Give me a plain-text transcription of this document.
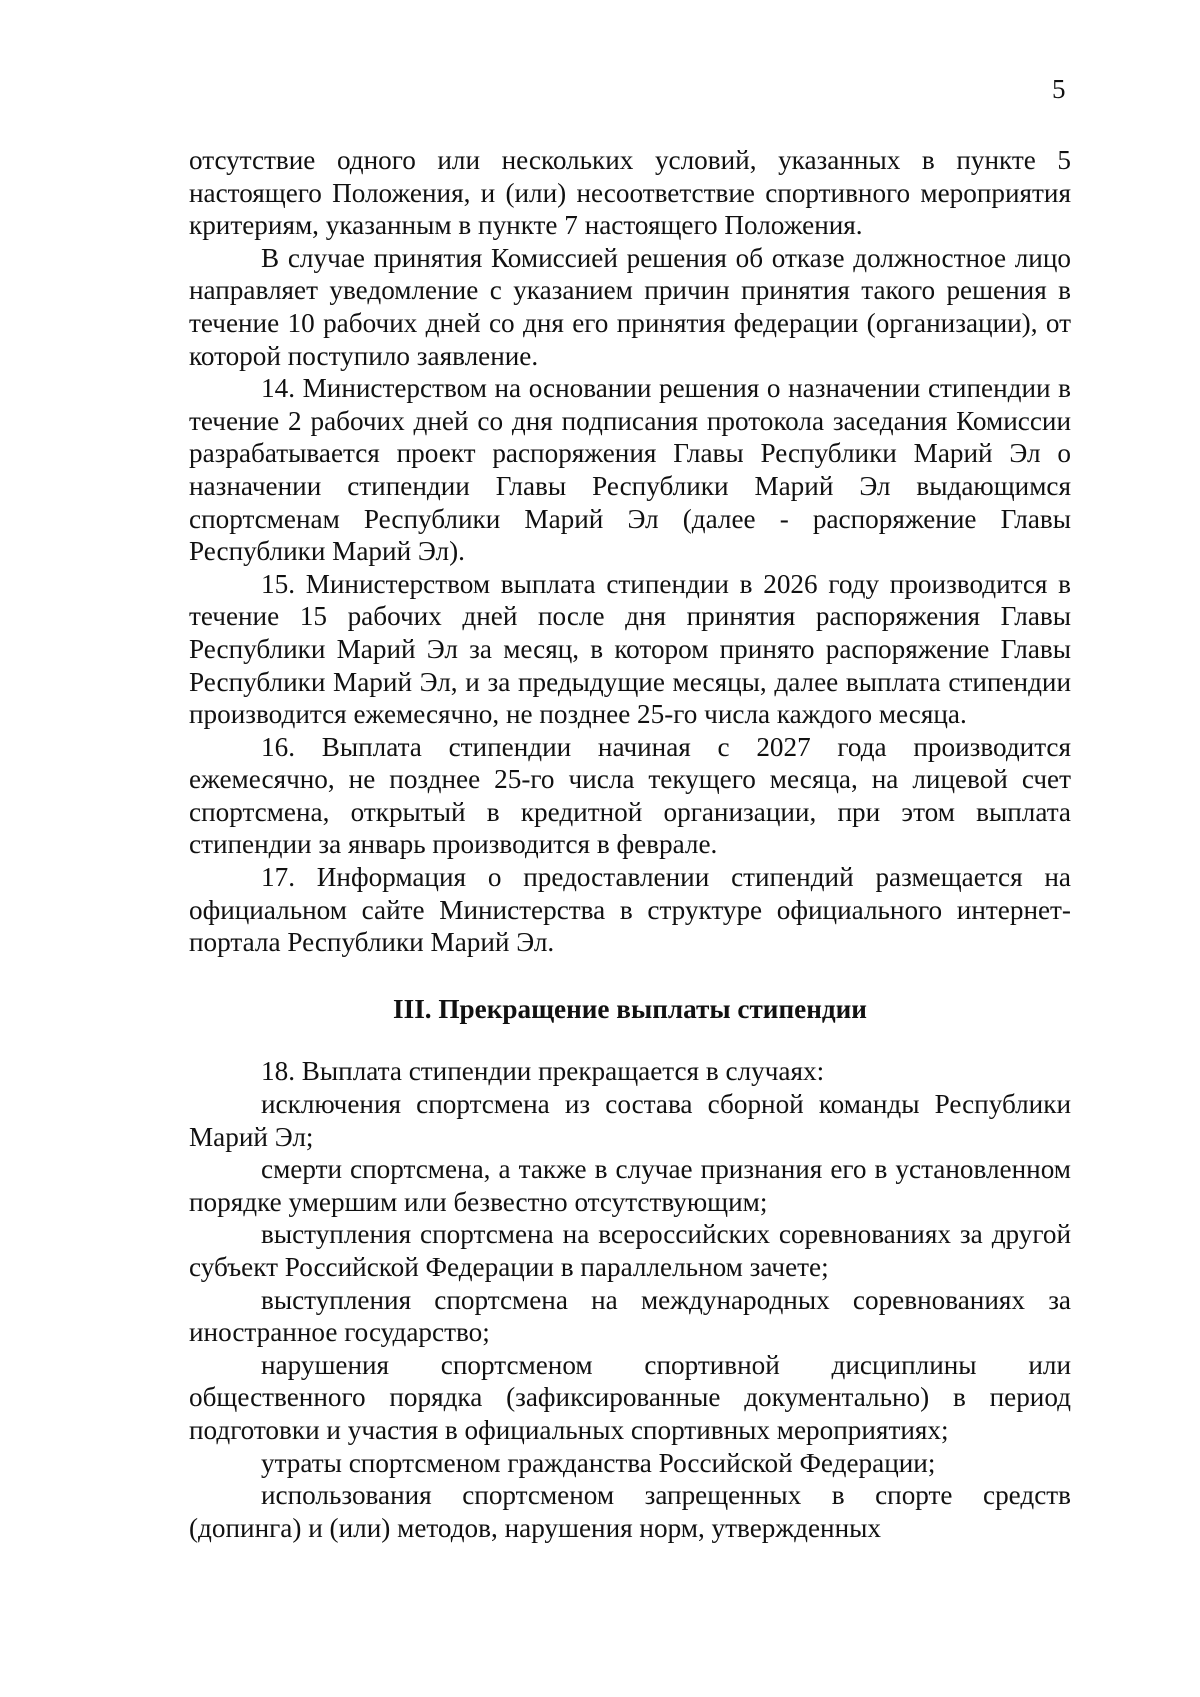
5

отсутствие одного или нескольких условий, указанных в пункте 5 настоящего Положения, и (или) несоответствие спортивного мероприятия критериям, указанным в пункте 7 настоящего Положения.

В случае принятия Комиссией решения об отказе должностное лицо направляет уведомление с указанием причин принятия такого решения в течение 10 рабочих дней со дня его принятия федерации (организации), от которой поступило заявление.

14. Министерством на основании решения о назначении стипендии в течение 2 рабочих дней со дня подписания протокола заседания Комиссии разрабатывается проект распоряжения Главы Республики Марий Эл о назначении стипендии Главы Республики Марий Эл выдающимся спортсменам Республики Марий Эл (далее - распоряжение Главы Республики Марий Эл).

15. Министерством выплата стипендии в 2026 году производится в течение 15 рабочих дней после дня принятия распоряжения Главы Республики Марий Эл за месяц, в котором принято распоряжение Главы Республики Марий Эл, и за предыдущие месяцы, далее выплата стипендии производится ежемесячно, не позднее 25-го числа каждого месяца.

16. Выплата стипендии начиная с 2027 года производится ежемесячно, не позднее 25-го числа текущего месяца, на лицевой счет спортсмена, открытый в кредитной организации, при этом выплата стипендии за январь производится в феврале.

17. Информация о предоставлении стипендий размещается на официальном сайте Министерства в структуре официального интернет-портала Республики Марий Эл.

III. Прекращение выплаты стипендии

18. Выплата стипендии прекращается в случаях:

исключения спортсмена из состава сборной команды Республики Марий Эл;

смерти спортсмена, а также в случае признания его в установленном порядке умершим или безвестно отсутствующим;

выступления спортсмена на всероссийских соревнованиях за другой субъект Российской Федерации в параллельном зачете;

выступления спортсмена на международных соревнованиях за иностранное государство;

нарушения спортсменом спортивной дисциплины или общественного порядка (зафиксированные документально) в период подготовки и участия в официальных спортивных мероприятиях;

утраты спортсменом гражданства Российской Федерации;

использования спортсменом запрещенных в спорте средств (допинга) и (или) методов, нарушения норм, утвержденных
